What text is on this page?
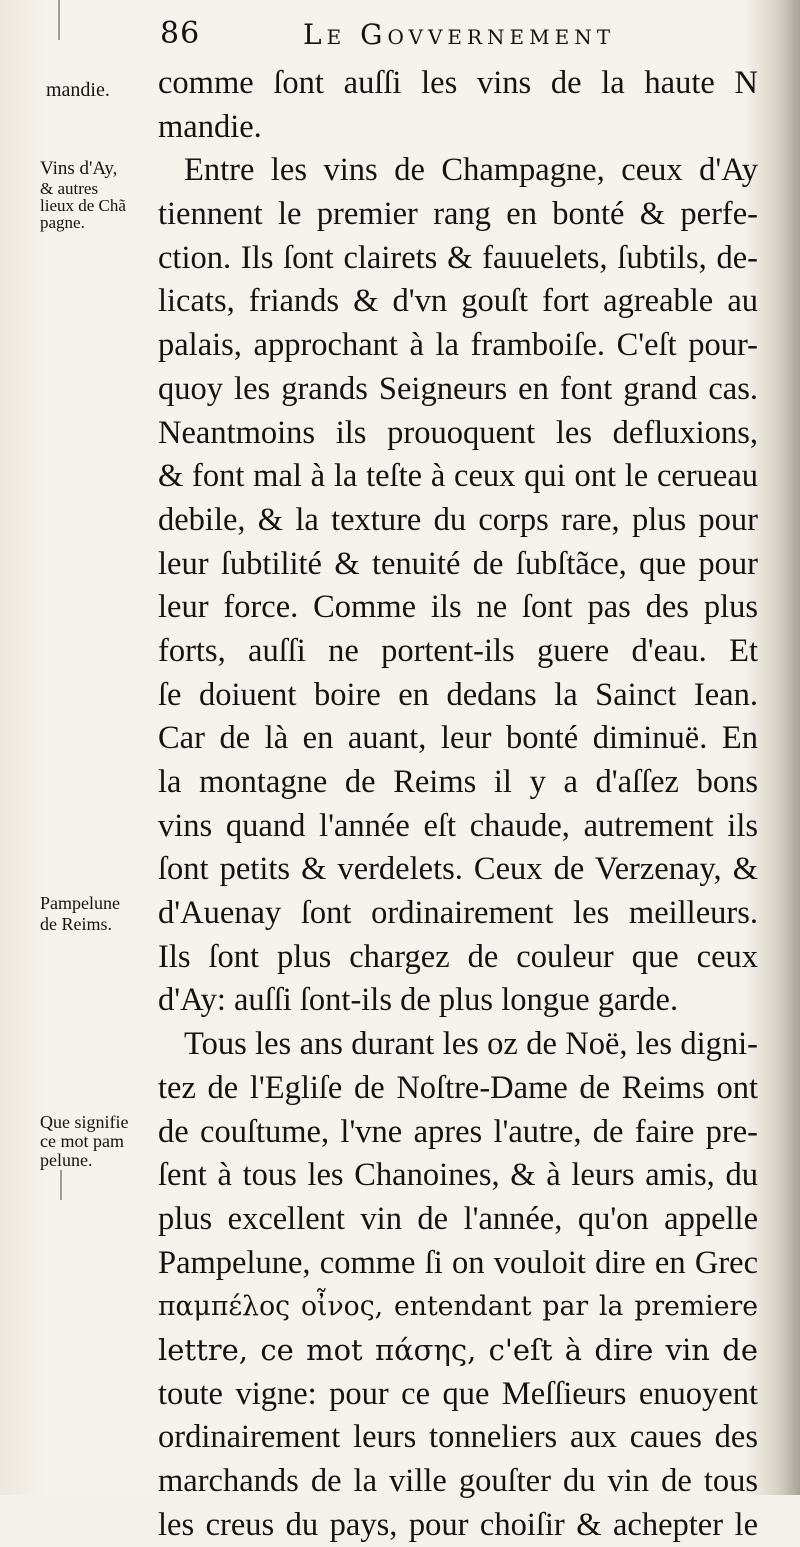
86	Le Govvernement
mandie.
Vins d'Ay,
& autres
lieux de Chã
pagne.
Pampelune
de Reims.
Que signifie
ce mot pam
pelune.
comme ſont auſſi les vins de la haute N
mandie.
Entre les vins de Champagne, ceux d'Ay
tiennent le premier rang en bonté & perfe-
ction. Ils ſont clairets & fauuelets, ſubtils, de-
licats, friands & d'vn gouſt fort agreable au
palais, approchant à la framboiſe. C'eſt pour-
quoy les grands Seigneurs en font grand cas.
Neantmoins ils prouoquent les defluxions,
& font mal à la teſte à ceux qui ont le cerueau
debile, & la texture du corps rare, plus pour
leur ſubtilité & tenuité de ſubſtãce, que pour
leur force. Comme ils ne ſont pas des plus
forts, auſſi ne portent-ils guere d'eau. Et
ſe doiuent boire en dedans la Sainct Iean.
Car de là en auant, leur bonté diminuë. En
la montagne de Reims il y a d'aſſez bons
vins quand l'année eſt chaude, autrement ils
ſont petits & verdelets. Ceux de Verzenay, &
d'Auenay ſont ordinairement les meilleurs.
Ils ſont plus chargez de couleur que ceux
d'Ay: auſſi ſont-ils de plus longue garde.
Tous les ans durant les oz de Noë, les digni-
tez de l'Egliſe de Noſtre-Dame de Reims ont
de couſtume, l'vne apres l'autre, de faire pre-
ſent à tous les Chanoines, & à leurs amis, du
plus excellent vin de l'année, qu'on appelle
Pampelune, comme ſi on vouloit dire en Grec
παμπέλος οἶνος, entendant par la premiere
lettre, ce mot πάσης, c'eſt à dire vin de
toute vigne: pour ce que Meſſieurs enuoyent
ordinairement leurs tonneliers aux caues des
marchands de la ville gouſter du vin de tous
les creus du pays, pour choiſir & achepter le
